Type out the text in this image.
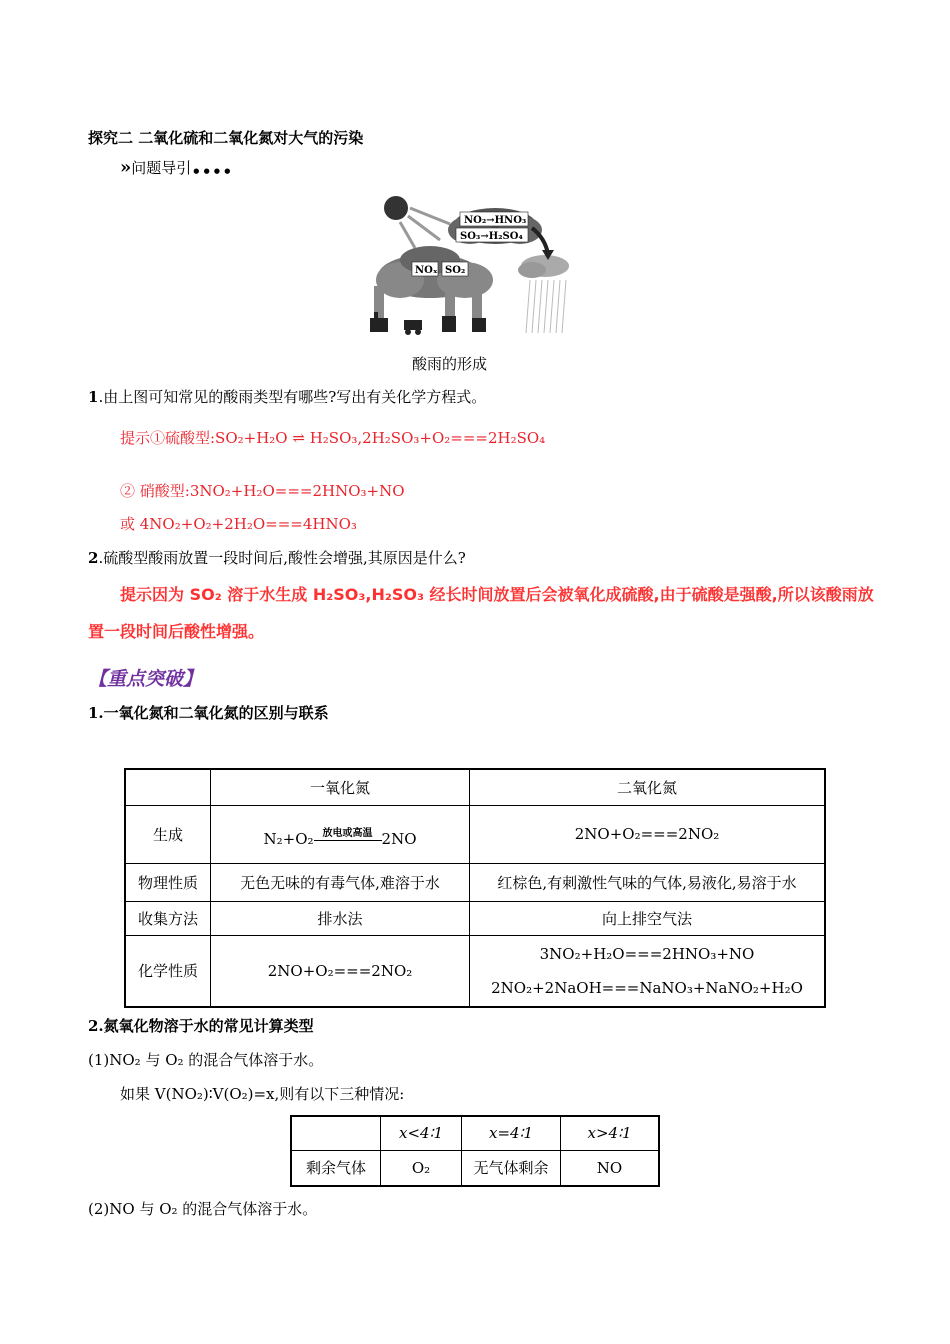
探究二 二氧化硫和二氧化氮对大气的污染
»问题导引 ● ● ● ●
NO₂→HNO₃
SO₃→H₂SO₄
NOₓ SO₂
酸雨的形成
1.由上图可知常见的酸雨类型有哪些?写出有关化学方程式。
提示①硫酸型:SO₂+H₂O ⇌ H₂SO₃,2H₂SO₃+O₂===2H₂SO₄
② 硝酸型:3NO₂+H₂O===2HNO₃+NO
或 4NO₂+O₂+2H₂O===4HNO₃
2.硫酸型酸雨放置一段时间后,酸性会增强,其原因是什么?
提示因为 SO₂ 溶于水生成 H₂SO₃,H₂SO₃ 经长时间放置后会被氧化成硫酸,由于硫酸是强酸,所以该酸雨放
置一段时间后酸性增强。
【重点突破】
1.一氧化氮和二氧化氮的区别与联系
	一氧化氮	二氧化氮
生成	N₂+O₂ 放电或高温 2NO	2NO+O₂===2NO₂
物理性质	无色无味的有毒气体,难溶于水	红棕色,有刺激性气味的气体,易液化,易溶于水
收集方法	排水法	向上排空气法
化学性质	2NO+O₂===2NO₂	3NO₂+H₂O===2HNO₃+NO
2NO₂+2NaOH===NaNO₃+NaNO₂+H₂O
2.氮氧化物溶于水的常见计算类型
(1)NO₂ 与 O₂ 的混合气体溶于水。
如果 V(NO₂)∶V(O₂)=x,则有以下三种情况:
	x<4∶1	x=4∶1	x>4∶1
剩余气体	O₂	无气体剩余	NO
(2)NO 与 O₂ 的混合气体溶于水。
